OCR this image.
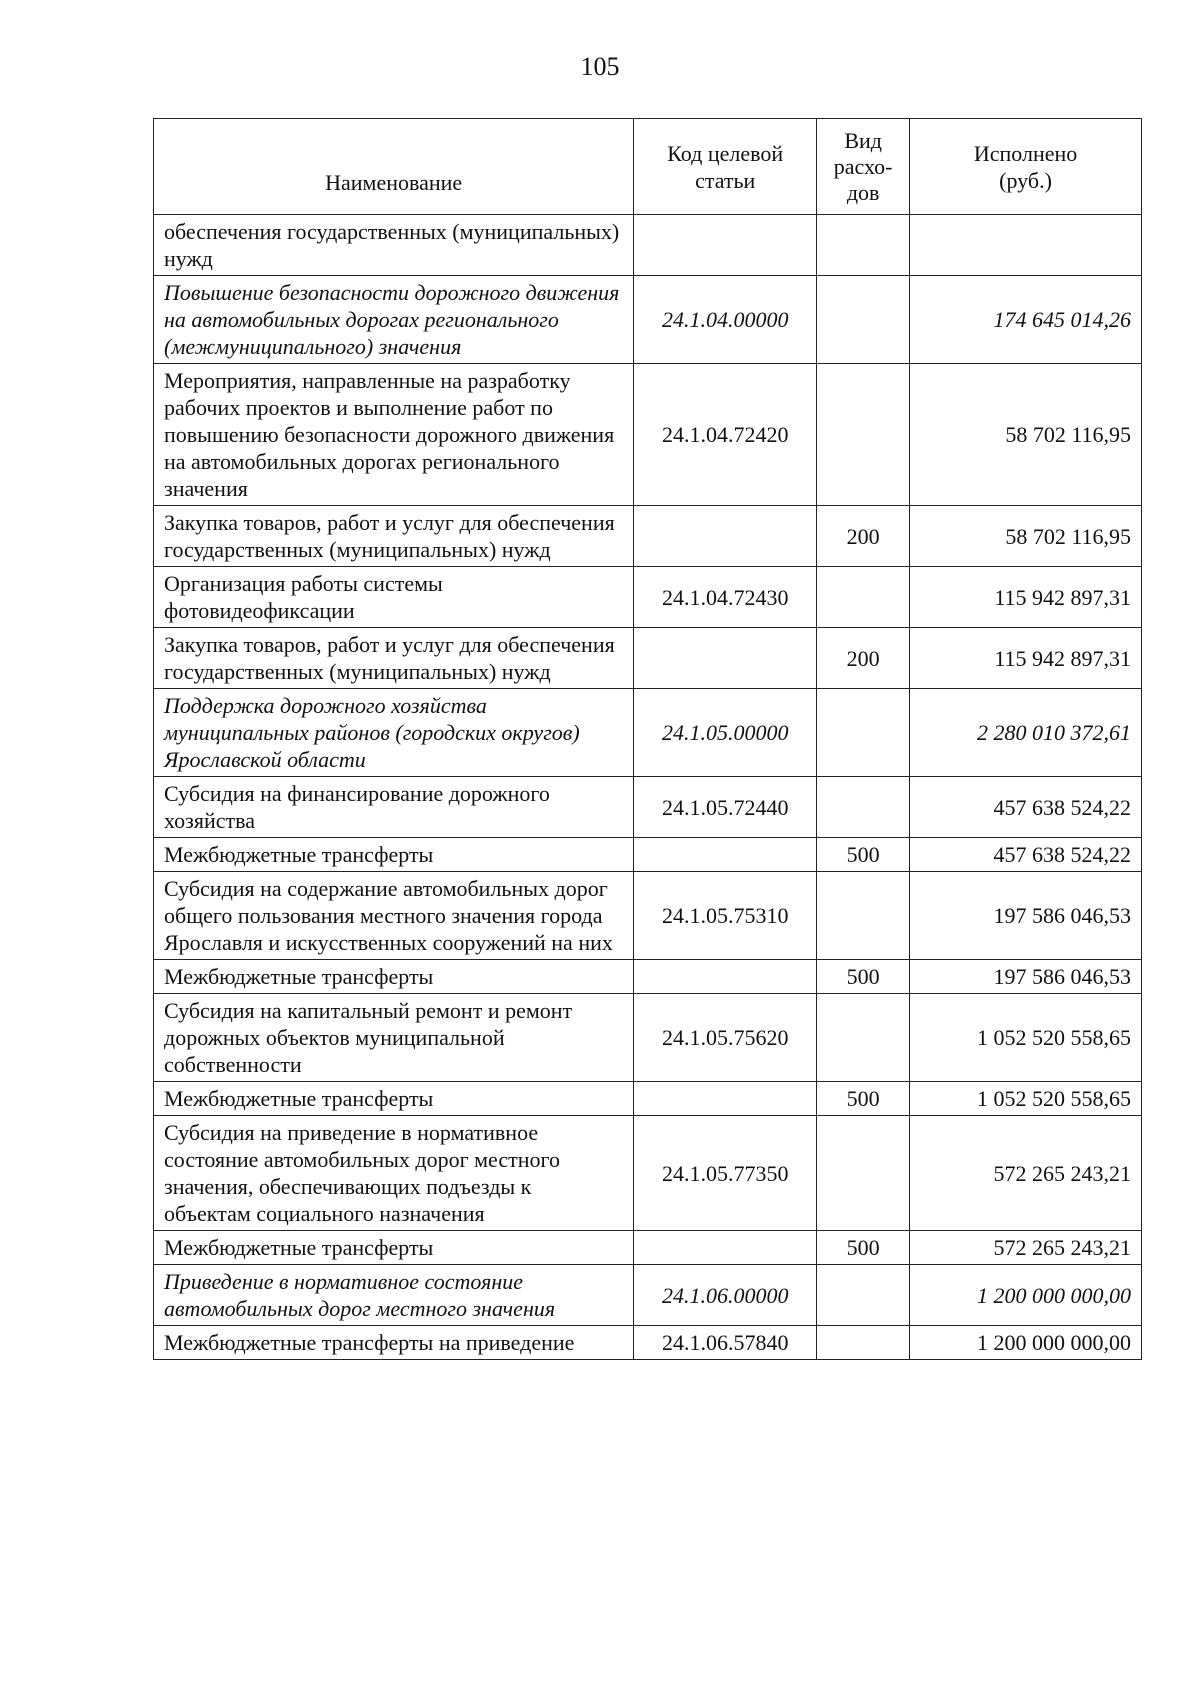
105
Наименование	Код целевой статьи	Вид расхо-дов	Исполнено (руб.)
обеспечения государственных (муниципальных) нужд			
Повышение безопасности дорожного движения на автомобильных дорогах регионального (межмуниципального) значения	24.1.04.00000		174 645 014,26
Мероприятия, направленные на разработку рабочих проектов и выполнение работ по повышению безопасности дорожного движения на автомобильных дорогах регионального значения	24.1.04.72420		58 702 116,95
Закупка товаров, работ и услуг для обеспечения государственных (муниципальных) нужд		200	58 702 116,95
Организация работы системы фотовидеофиксации	24.1.04.72430		115 942 897,31
Закупка товаров, работ и услуг для обеспечения государственных (муниципальных) нужд		200	115 942 897,31
Поддержка дорожного хозяйства муниципальных районов (городских округов) Ярославской области	24.1.05.00000		2 280 010 372,61
Субсидия на финансирование дорожного хозяйства	24.1.05.72440		457 638 524,22
Межбюджетные трансферты		500	457 638 524,22
Субсидия на содержание автомобильных дорог общего пользования местного значения города Ярославля и искусственных сооружений на них	24.1.05.75310		197 586 046,53
Межбюджетные трансферты		500	197 586 046,53
Субсидия на капитальный ремонт и ремонт дорожных объектов муниципальной собственности	24.1.05.75620		1 052 520 558,65
Межбюджетные трансферты		500	1 052 520 558,65
Субсидия на приведение в нормативное состояние автомобильных дорог местного значения, обеспечивающих подъезды к объектам социального назначения	24.1.05.77350		572 265 243,21
Межбюджетные трансферты		500	572 265 243,21
Приведение в нормативное состояние автомобильных дорог местного значения	24.1.06.00000		1 200 000 000,00
Межбюджетные трансферты на приведение	24.1.06.57840		1 200 000 000,00
